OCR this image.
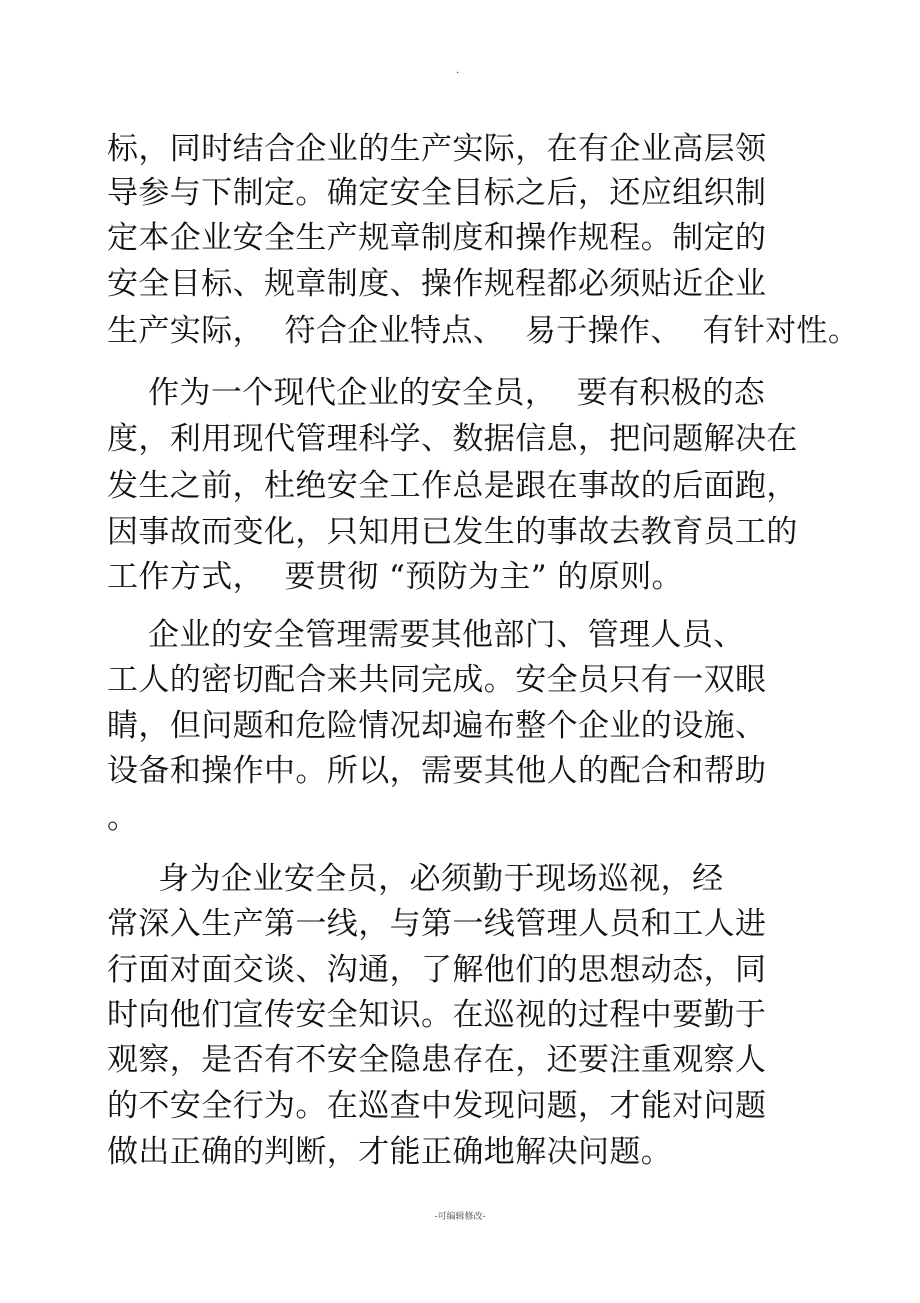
.
标，同时结合企业的生产实际，在有企业高层领
导参与下制定。确定安全目标之后，还应组织制
定本企业安全生产规章制度和操作规程。制定的
安全目标、规章制度、操作规程都必须贴近企业
生产实际，  符合企业特点、  易于操作、  有针对性。
作为一个现代企业的安全员，  要有积极的态
度，利用现代管理科学、数据信息，把问题解决在
发生之前，杜绝安全工作总是跟在事故的后面跑，
因事故而变化，只知用已发生的事故去教育员工的
工作方式，  要贯彻 “预防为主” 的原则。
企业的安全管理需要其他部门、管理人员、
工人的密切配合来共同完成。安全员只有一双眼
睛，但问题和危险情况却遍布整个企业的设施、
设备和操作中。所以，需要其他人的配合和帮助
。
身为企业安全员，必须勤于现场巡视，经
常深入生产第一线，与第一线管理人员和工人进
行面对面交谈、沟通，了解他们的思想动态，同
时向他们宣传安全知识。在巡视的过程中要勤于
观察，是否有不安全隐患存在，还要注重观察人
的不安全行为。在巡查中发现问题，才能对问题
做出正确的判断，才能正确地解决问题。
-可编辑修改-
